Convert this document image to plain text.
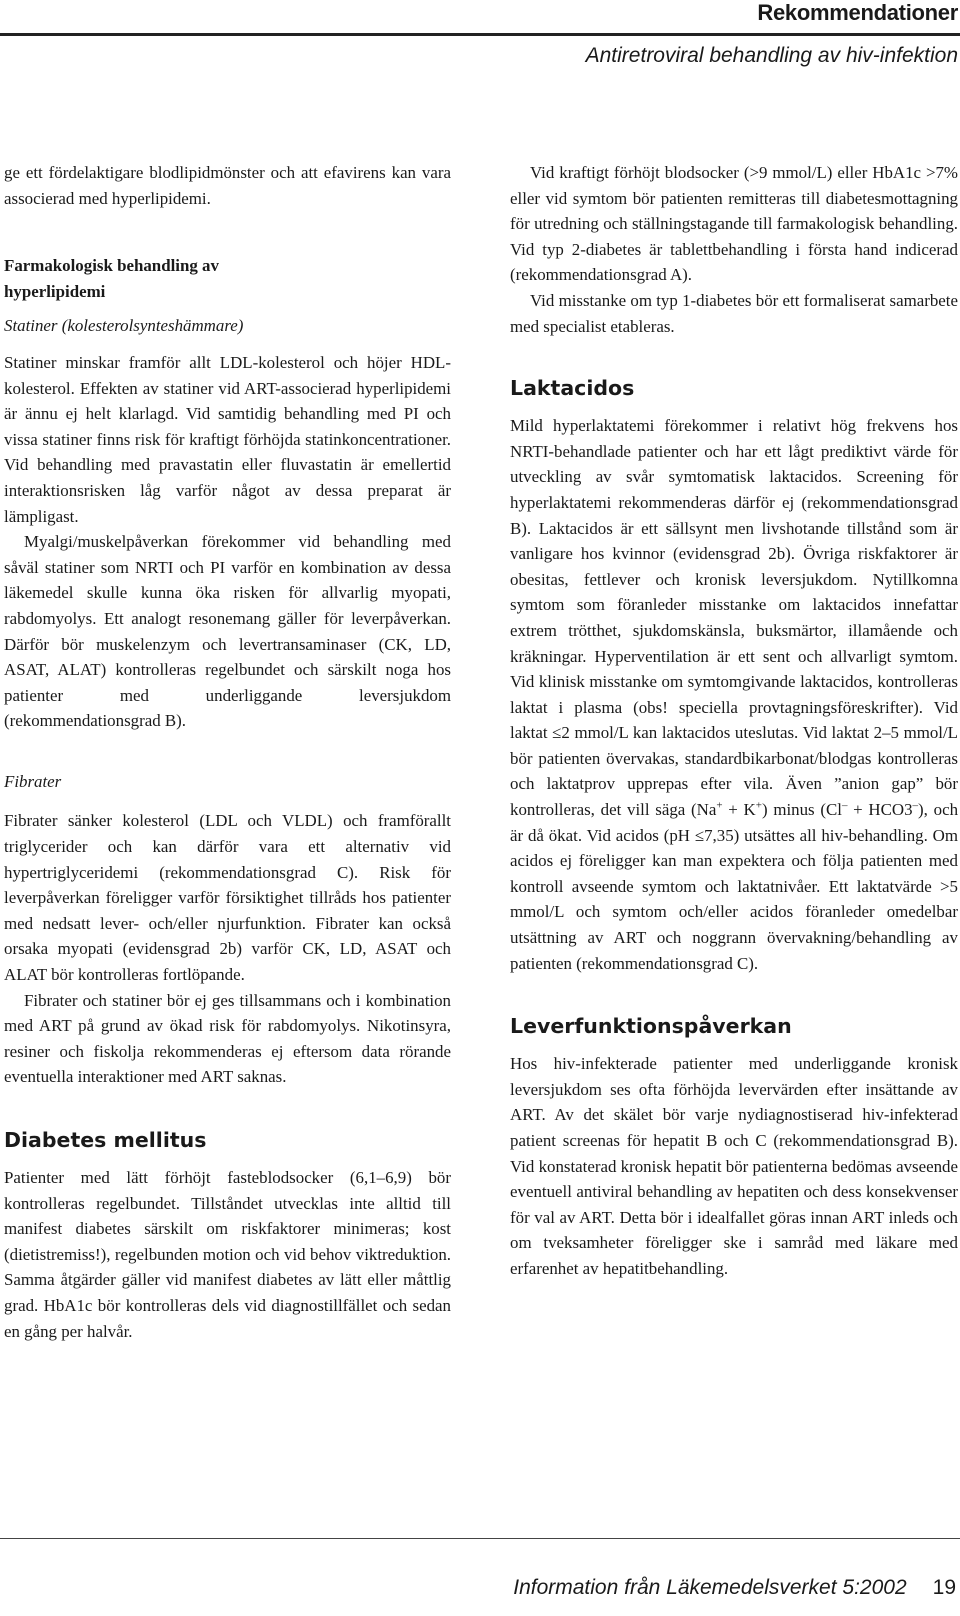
Rekommendationer
Antiretroviral behandling av hiv-infektion

ge ett fördelaktigare blodlipidmönster och att efavirens kan vara associerad med hyperlipidemi.

Farmakologisk behandling av

hyperlipidemi

Statiner (kolesterolsynteshämmare)

Statiner minskar framför allt LDL-kolesterol och höjer HDL-kolesterol. Effekten av statiner vid ART-associerad hyperlipidemi är ännu ej helt klarlagd. Vid samtidig behandling med PI och vissa statiner finns risk för kraftigt förhöjda statinkoncentrationer. Vid behandling med pravastatin eller fluvastatin är emellertid interaktionsrisken låg varför något av dessa preparat är lämpligast.

Myalgi/muskelpåverkan förekommer vid behandling med såväl statiner som NRTI och PI varför en kombination av dessa läkemedel skulle kunna öka risken för allvarlig myopati, rabdomyolys. Ett analogt resonemang gäller för leverpåverkan. Därför bör muskelenzym och levertransaminaser (CK, LD, ASAT, ALAT) kontrolleras regelbundet och särskilt noga hos patienter med underliggande leversjukdom (rekommendationsgrad B).

Fibrater

Fibrater sänker kolesterol (LDL och VLDL) och framförallt triglycerider och kan därför vara ett alternativ vid hypertriglyceridemi (rekommendationsgrad C). Risk för leverpåverkan föreligger varför försiktighet tillråds hos patienter med nedsatt lever- och/eller njurfunktion. Fibrater kan också orsaka myopati (evidensgrad 2b) varför CK, LD, ASAT och ALAT bör kontrolleras fortlöpande.

Fibrater och statiner bör ej ges tillsammans och i kombination med ART på grund av ökad risk för rabdomyolys. Nikotinsyra, resiner och fiskolja rekommenderas ej eftersom data rörande eventuella interaktioner med ART saknas.

Diabetes mellitus

Patienter med lätt förhöjt fasteblodsocker (6,1–6,9) bör kontrolleras regelbundet. Tillståndet utvecklas inte alltid till manifest diabetes särskilt om riskfaktorer minimeras; kost (dietistremiss!), regelbunden motion och vid behov viktreduktion. Samma åtgärder gäller vid manifest diabetes av lätt eller måttlig grad. HbA1c bör kontrolleras dels vid diagnostillfället och sedan en gång per halvår.

Vid kraftigt förhöjt blodsocker (>9 mmol/L) eller HbA1c >7% eller vid symtom bör patienten remitteras till diabetesmottagning för utredning och ställningstagande till farmakologisk behandling. Vid typ 2-diabetes är tablettbehandling i första hand indicerad (rekommendationsgrad A).

Vid misstanke om typ 1-diabetes bör ett formaliserat samarbete med specialist etableras.

Laktacidos

Mild hyperlaktatemi förekommer i relativt hög frekvens hos NRTI-behandlade patienter och har ett lågt prediktivt värde för utveckling av svår symtomatisk laktacidos. Screening för hyperlaktatemi rekommenderas därför ej (rekommendationsgrad B). Laktacidos är ett sällsynt men livshotande tillstånd som är vanligare hos kvinnor (evidensgrad 2b). Övriga riskfaktorer är obesitas, fettlever och kronisk leversjukdom. Nytillkomna symtom som föranleder misstanke om laktacidos innefattar extrem trötthet, sjukdomskänsla, buksmärtor, illamående och kräkningar. Hyperventilation är ett sent och allvarligt symtom. Vid klinisk misstanke om symtomgivande laktacidos, kontrolleras laktat i plasma (obs! speciella provtagningsföreskrifter). Vid laktat ≤2 mmol/L kan laktacidos uteslutas. Vid laktat 2–5 mmol/L bör patienten övervakas, standardbikarbonat/blodgas kontrolleras och laktatprov upprepas efter vila. Även ”anion gap” bör kontrolleras, det vill säga (Na+ + K+) minus (Cl– + HCO3–), och är då ökat. Vid acidos (pH ≤7,35) utsättes all hiv-behandling. Om acidos ej föreligger kan man expektera och följa patienten med kontroll avseende symtom och laktatnivåer. Ett laktatvärde >5 mmol/L och symtom och/eller acidos föranleder omedelbar utsättning av ART och noggrann övervakning/behandling av patienten (rekommendationsgrad C).

Leverfunktionspåverkan

Hos hiv-infekterade patienter med underliggande kronisk leversjukdom ses ofta förhöjda levervärden efter insättande av ART. Av det skälet bör varje nydiagnostiserad hiv-infekterad patient screenas för hepatit B och C (rekommendationsgrad B). Vid konstaterad kronisk hepatit bör patienterna bedömas avseende eventuell antiviral behandling av hepatiten och dess konsekvenser för val av ART. Detta bör i idealfallet göras innan ART inleds och om tveksamheter föreligger ske i samråd med läkare med erfarenhet av hepatitbehandling.

Information från Läkemedelsverket 5:2002 19
